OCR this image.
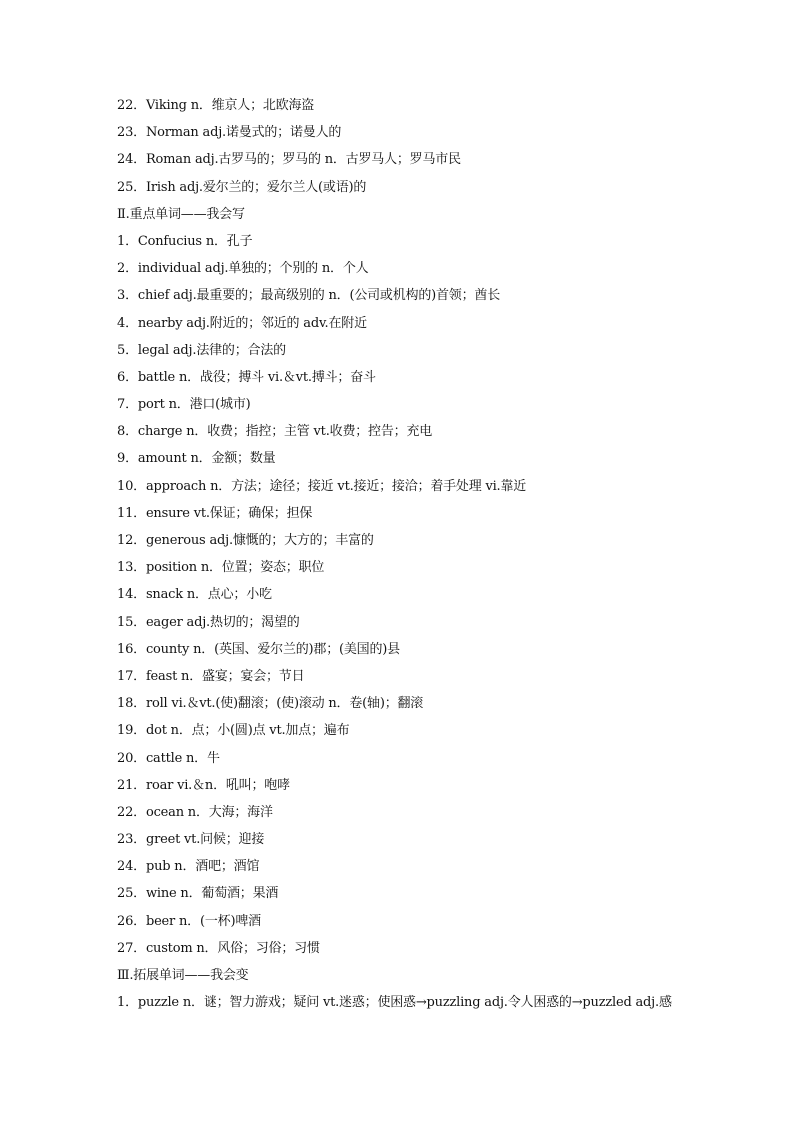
22．Viking n．维京人；北欧海盗
23．Norman adj.诺曼式的；诺曼人的
24．Roman adj.古罗马的；罗马的 n．古罗马人；罗马市民
25．Irish adj.爱尔兰的；爱尔兰人(或语)的
Ⅱ.重点单词——我会写
1．Confucius n．孔子
2．individual adj.单独的；个别的 n．个人
3．chief adj.最重要的；最高级别的 n．(公司或机构的)首领；酋长
4．nearby adj.附近的；邻近的 adv.在附近
5．legal adj.法律的；合法的
6．battle n．战役；搏斗 vi.＆vt.搏斗；奋斗
7．port n．港口(城市)
8．charge n．收费；指控；主管 vt.收费；控告；充电
9．amount n．金额；数量
10．approach n．方法；途径；接近 vt.接近；接洽；着手处理 vi.靠近
11．ensure vt.保证；确保；担保
12．generous adj.慷慨的；大方的；丰富的
13．position n．位置；姿态；职位
14．snack n．点心；小吃
15．eager adj.热切的；渴望的
16．county n．(英国、爱尔兰的)郡；(美国的)县
17．feast n．盛宴；宴会；节日
18．roll vi.＆vt.(使)翻滚；(使)滚动 n．卷(轴)；翻滚
19．dot n．点；小(圆)点 vt.加点；遍布
20．cattle n．牛
21．roar vi.＆n．吼叫；咆哮
22．ocean n．大海；海洋
23．greet vt.问候；迎接
24．pub n．酒吧；酒馆
25．wine n．葡萄酒；果酒
26．beer n．(一杯)啤酒
27．custom n．风俗；习俗；习惯
Ⅲ.拓展单词——我会变
1．puzzle n．谜；智力游戏；疑问 vt.迷惑；使困惑→puzzling adj.令人困惑的→puzzled adj.感
